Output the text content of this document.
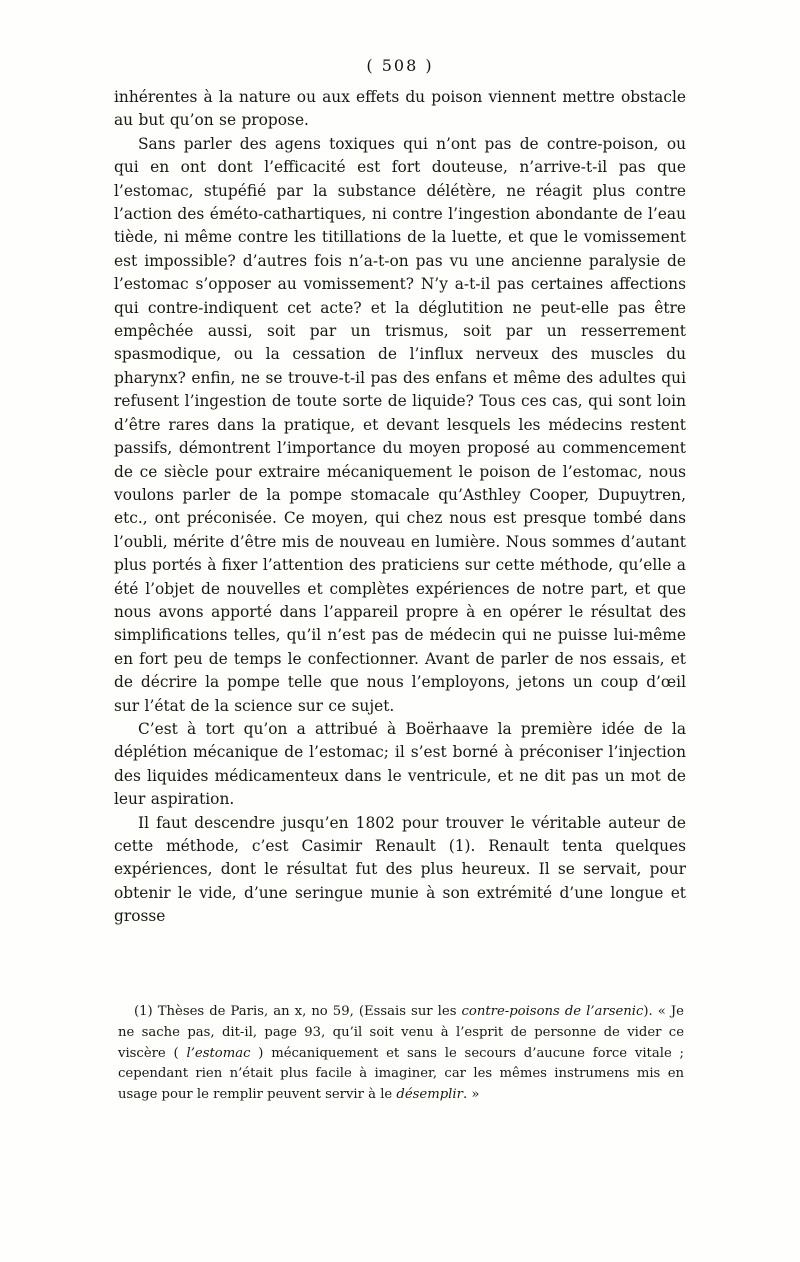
( 508 )

inhérentes à la nature ou aux effets du poison viennent mettre obstacle au but qu’on se propose.

Sans parler des agens toxiques qui n’ont pas de contre-poison, ou qui en ont dont l’efficacité est fort douteuse, n’arrive-t-il pas que l’estomac, stupéfié par la substance délétère, ne réagit plus contre l’action des éméto-cathartiques, ni contre l’ingestion abondante de l’eau tiède, ni même contre les titillations de la luette, et que le vomissement est impossible? d’autres fois n’a-t-on pas vu une ancienne paralysie de l’estomac s’opposer au vomissement? N’y a-t-il pas certaines affections qui contre-indiquent cet acte? et la déglutition ne peut-elle pas être empêchée aussi, soit par un trismus, soit par un resserrement spasmodique, ou la cessation de l’influx nerveux des muscles du pharynx? enfin, ne se trouve-t-il pas des enfans et même des adultes qui refusent l’ingestion de toute sorte de liquide? Tous ces cas, qui sont loin d’être rares dans la pratique, et devant lesquels les médecins restent passifs, démontrent l’importance du moyen proposé au commencement de ce siècle pour extraire mécaniquement le poison de l’estomac, nous voulons parler de la pompe stomacale qu’Asthley Cooper, Dupuytren, etc., ont préconisée. Ce moyen, qui chez nous est presque tombé dans l’oubli, mérite d’être mis de nouveau en lumière. Nous sommes d’autant plus portés à fixer l’attention des praticiens sur cette méthode, qu’elle a été l’objet de nouvelles et complètes expériences de notre part, et que nous avons apporté dans l’appareil propre à en opérer le résultat des simplifications telles, qu’il n’est pas de médecin qui ne puisse lui-même en fort peu de temps le confectionner. Avant de parler de nos essais, et de décrire la pompe telle que nous l’employons, jetons un coup d’œil sur l’état de la science sur ce sujet.

C’est à tort qu’on a attribué à Boërhaave la première idée de la déplétion mécanique de l’estomac; il s’est borné à préconiser l’injection des liquides médicamenteux dans le ventricule, et ne dit pas un mot de leur aspiration.

Il faut descendre jusqu’en 1802 pour trouver le véritable auteur de cette méthode, c’est Casimir Renault (1). Renault tenta quelques expériences, dont le résultat fut des plus heureux. Il se servait, pour obtenir le vide, d’une seringue munie à son extrémité d’une longue et grosse

(1) Thèses de Paris, an x, no 59, (Essais sur les contre-poisons de l’arsenic). « Je ne sache pas, dit-il, page 93, qu’il soit venu à l’esprit de personne de vider ce viscère ( l’estomac ) mécaniquement et sans le secours d’aucune force vitale ; cependant rien n’était plus facile à imaginer, car les mêmes instrumens mis en usage pour le remplir peuvent servir à le désemplir. »
